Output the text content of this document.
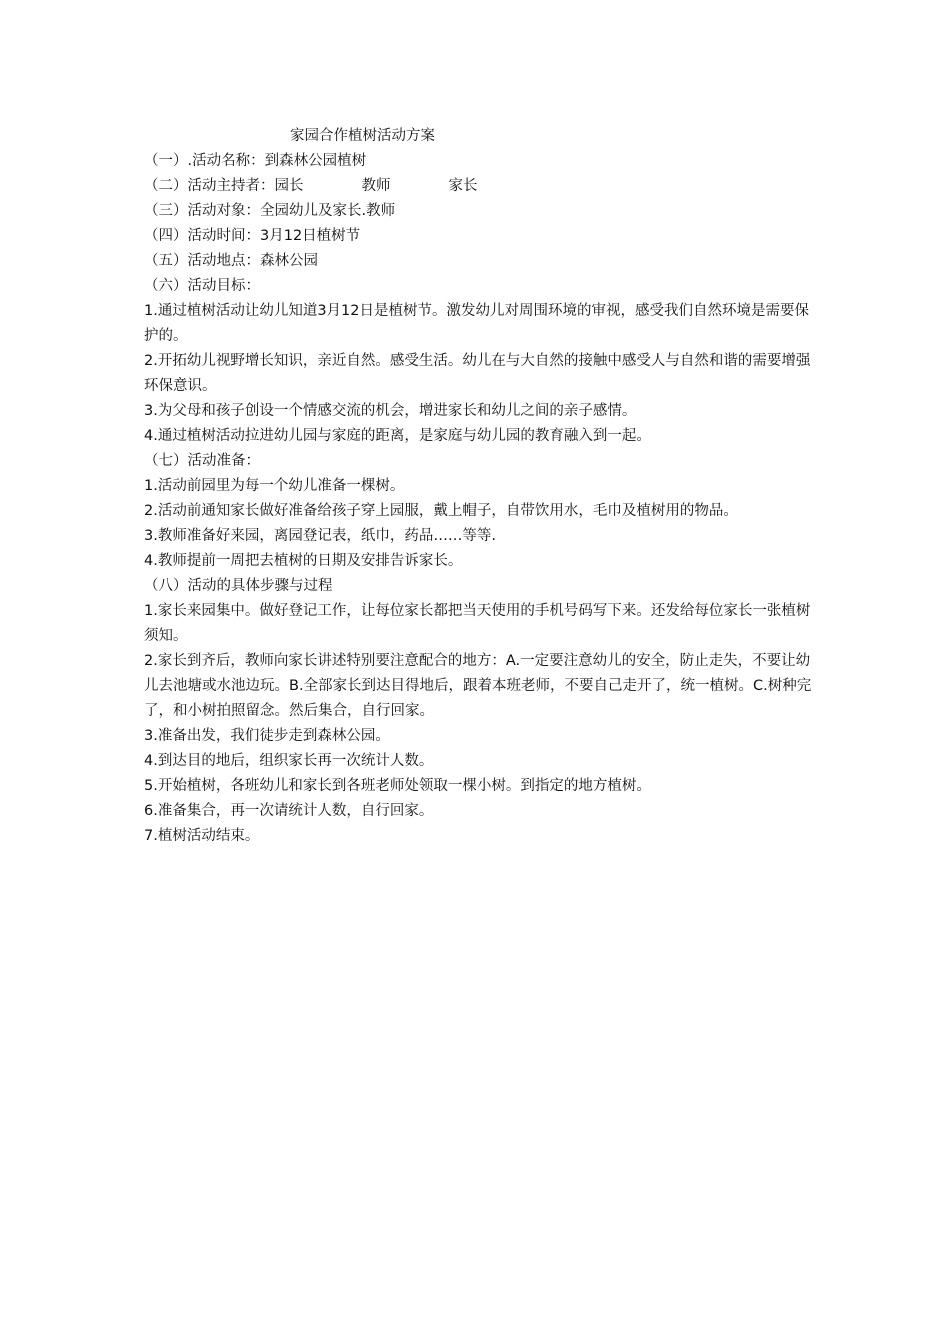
家园合作植树活动方案
（一）.活动名称：到森林公园植树
（二）活动主持者：园长	教师	家长
（三）活动对象：全园幼儿及家长.教师
（四）活动时间：3月12日植树节
（五）活动地点：森林公园
（六）活动目标：
1.通过植树活动让幼儿知道3月12日是植树节。激发幼儿对周围环境的审视，感受我们自然环境是需要保护的。
2.开拓幼儿视野增长知识，亲近自然。感受生活。幼儿在与大自然的接触中感受人与自然和谐的需要增强环保意识。
3.为父母和孩子创设一个情感交流的机会，增进家长和幼儿之间的亲子感情。
4.通过植树活动拉进幼儿园与家庭的距离，是家庭与幼儿园的教育融入到一起。
（七）活动准备：
1.活动前园里为每一个幼儿准备一棵树。
2.活动前通知家长做好准备给孩子穿上园服，戴上帽子，自带饮用水，毛巾及植树用的物品。
3.教师准备好来园，离园登记表，纸巾，药品……等等.
4.教师提前一周把去植树的日期及安排告诉家长。
（八）活动的具体步骤与过程
1.家长来园集中。做好登记工作，让每位家长都把当天使用的手机号码写下来。还发给每位家长一张植树须知。
2.家长到齐后，教师向家长讲述特别要注意配合的地方：A.一定要注意幼儿的安全，防止走失，不要让幼儿去池塘或水池边玩。B.全部家长到达目得地后，跟着本班老师，不要自己走开了，统一植树。C.树种完了，和小树拍照留念。然后集合，自行回家。
3.准备出发，我们徒步走到森林公园。
4.到达目的地后，组织家长再一次统计人数。
5.开始植树，各班幼儿和家长到各班老师处领取一棵小树。到指定的地方植树。
6.准备集合，再一次请统计人数，自行回家。
7.植树活动结束。
